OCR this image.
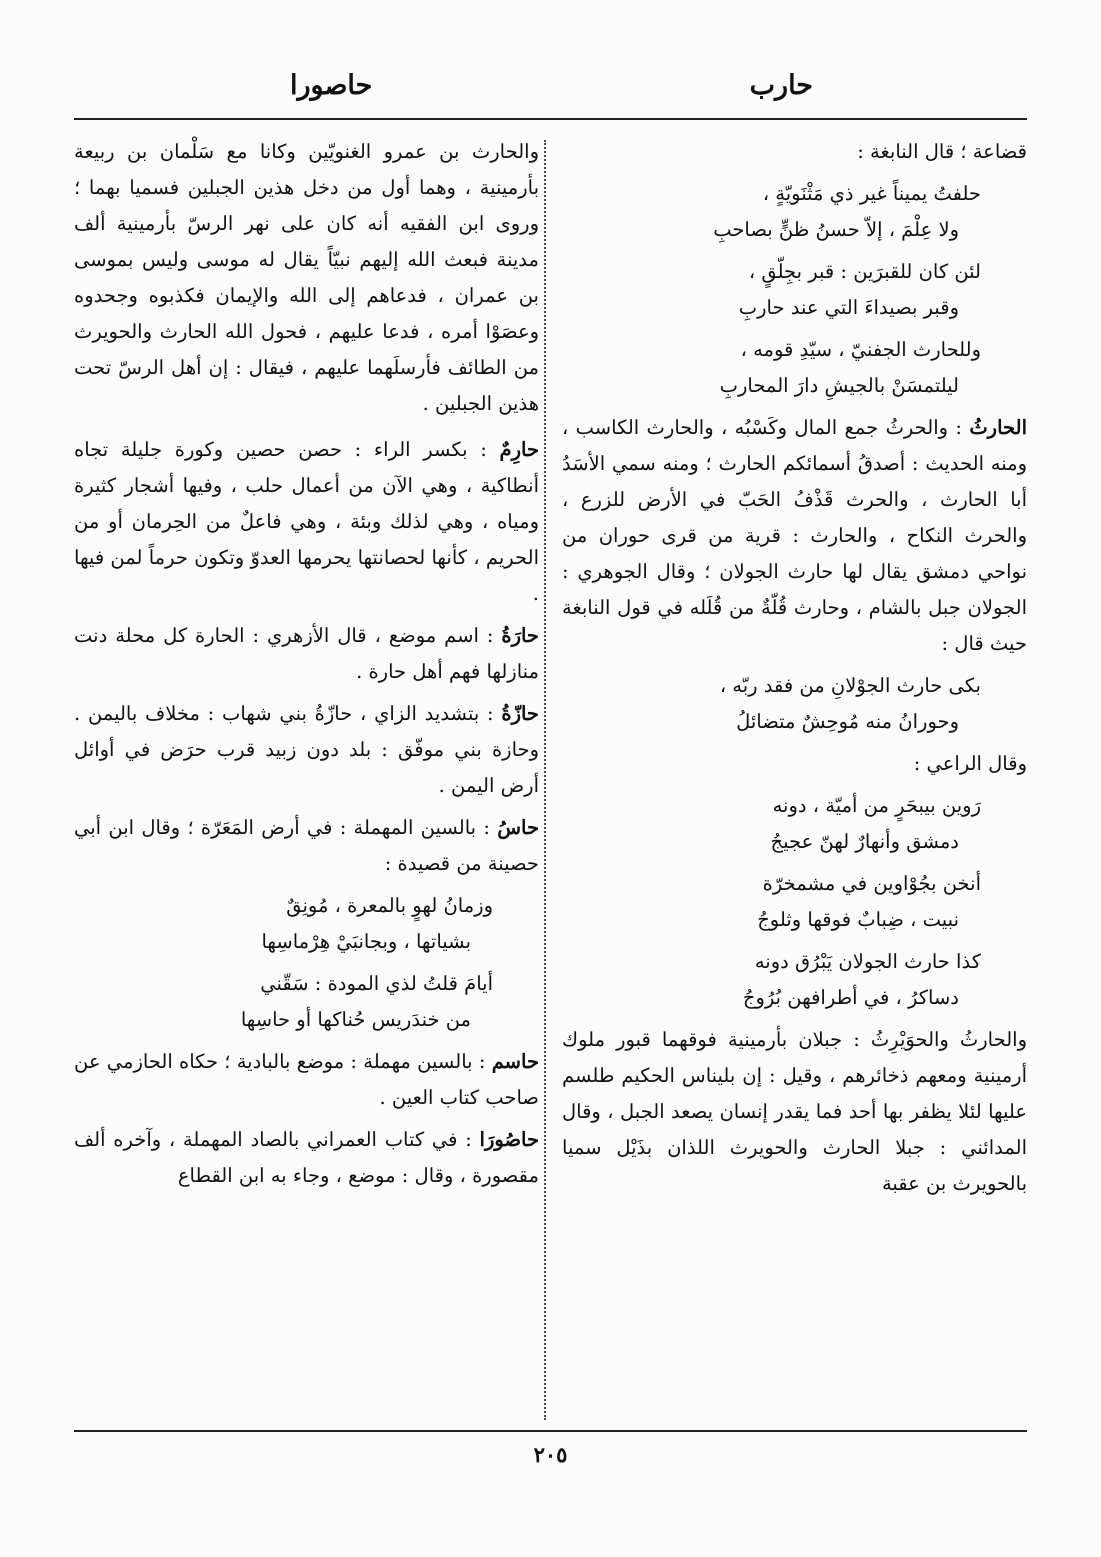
حارب
حاصورا

قضاعة ؛ قال النابغة :

حلفتُ يميناً غير ذي مَثْنَويّةٍ ،
ولا عِلْمَ ، إلاّ حسنُ ظنٍّ بصاحبِ
لئن كان للقبرَين : قبر بجِلّقٍ ،
وقبر بصيداءَ التي عند حاربِ
وللحارث الجفنيّ ، سيّدِ قومه ،
ليلتمسَنْ بالجيشِ دارَ المحاربِ

الحارثُ : والحرثُ جمع المال وكَسْبُه ، والحارث الكاسب ، ومنه الحديث : أصدقُ أسمائكم الحارث ؛ ومنه سمي الأسَدُ أبا الحارث ، والحرث قَذْفُ الحَبّ في الأرض للزرع ، والحرث النكاح ، والحارث : قرية من قرى حوران من نواحي دمشق يقال لها حارث الجولان ؛ وقال الجوهري : الجولان جبل بالشام ، وحارث قُلّةٌ من قُلَله في قول النابغة حيث قال :

بكى حارث الجوْلانِ من فقد ربّه ،
وحورانُ منه مُوحِشٌ متضائلُ

وقال الراعي :

رَوين بيبحَرٍ من أميّة ، دونه
دمشق وأنهارٌ لهنّ عجيجُ
أنخن بجُوْاوين في مشمخرّة
نبيت ، ضِبابٌ فوقها وثلوجُ
كذا حارث الجولان يَبْرُق دونه
دساكرُ ، في أطرافهن بُرُوجُ

والحارثُ والحوَيْرِثُ : جبلان بأرمينية فوقهما قبور ملوك أرمينية ومعهم ذخائرهم ، وقيل : إن بليناس الحكيم طلسم عليها لئلا يظفر بها أحد فما يقدر إنسان يصعد الجبل ، وقال المدائني : جبلا الحارث والحويرث اللذان بذَيْل سميا بالحويرث بن عقبة

والحارث بن عمرو الغنويّين وكانا مع سَلْمان بن ربيعة بأرمينية ، وهما أول من دخل هذين الجبلين فسميا بهما ؛ وروى ابن الفقيه أنه كان على نهر الرسّ بأرمينية ألف مدينة فبعث الله إليهم نبيّاً يقال له موسى وليس بموسى بن عمران ، فدعاهم إلى الله والإيمان فكذبوه وجحدوه وعصَوْا أمره ، فدعا عليهم ، فحول الله الحارث والحويرث من الطائف فأرسلَهما عليهم ، فيقال : إن أهل الرسّ تحت هذين الجبلين .

حارِمٌ : بكسر الراء : حصن حصين وكورة جليلة تجاه أنطاكية ، وهي الآن من أعمال حلب ، وفيها أشجار كثيرة ومياه ، وهي لذلك وبئة ، وهي فاعلٌ من الحِرمان أو من الحريم ، كأنها لحصانتها يحرمها العدوّ وتكون حرماً لمن فيها .

حارَةُ : اسم موضع ، قال الأزهري : الحارة كل محلة دنت منازلها فهم أهل حارة .

حازّةُ : بتشديد الزاي ، حازّةُ بني شهاب : مخلاف باليمن . وحازة بني موفّق : بلد دون زبيد قرب حرَض في أوائل أرض اليمن .

حاسُ : بالسين المهملة : في أرض المَعَرّة ؛ وقال ابن أبي حصينة من قصيدة :

وزمانُ لهوٍ بالمعرة ، مُونِقٌ
بشياتها ، وبجانبَيْ هِرْماسِها
أيامَ قلتُ لذي المودة : سَقّني
من خندَريس حُناكها أو حاسِها

حاسم : بالسين مهملة : موضع بالبادية ؛ حكاه الحازمي عن صاحب كتاب العين .

حاصُورَا : في كتاب العمراني بالصاد المهملة ، وآخره ألف مقصورة ، وقال : موضع ، وجاء به ابن القطاع

٢٠٥
